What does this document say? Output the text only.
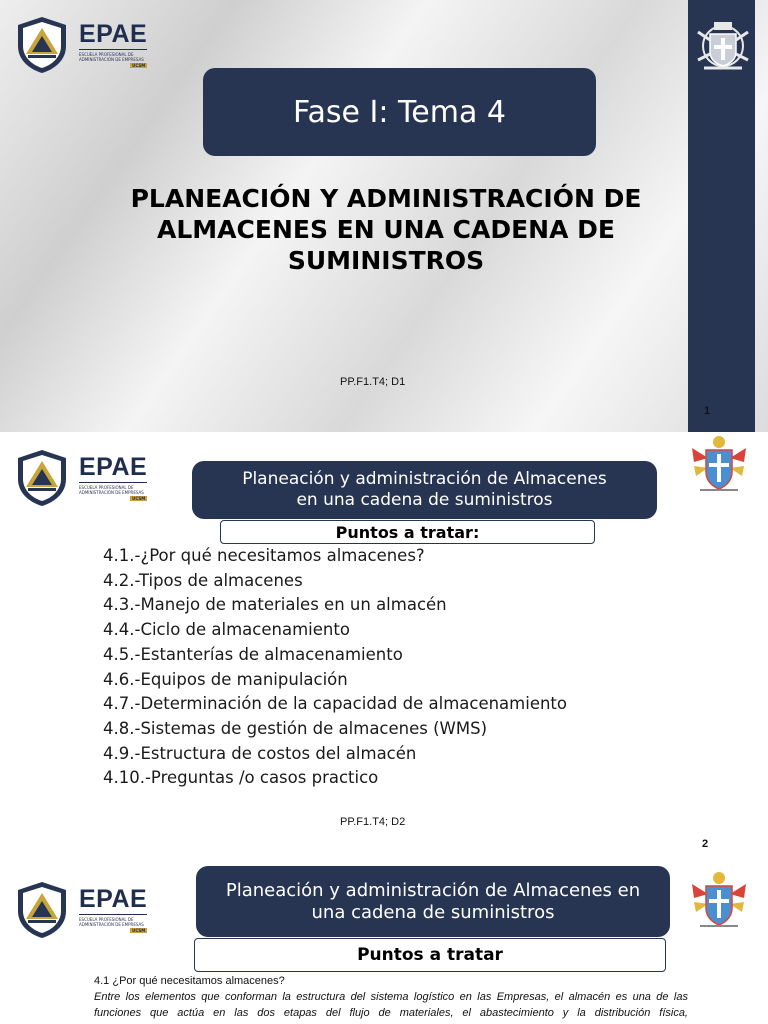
EPAE
ESCUELA PROFESIONAL DE ADMINISTRACIÓN DE EMPRESAS
UCSM
Fase I: Tema 4
PLANEACIÓN Y ADMINISTRACIÓN DE
ALMACENES EN UNA CADENA DE
SUMINISTROS
PP.F1.T4; D1
1
EPAE
ESCUELA PROFESIONAL DE ADMINISTRACIÓN DE EMPRESAS
UCSM
Planeación y administración de Almacenes
en una cadena de suministros
Puntos a tratar:
4.1.-¿Por qué necesitamos almacenes?
4.2.-Tipos de almacenes
4.3.-Manejo de materiales en un almacén
4.4.-Ciclo de almacenamiento
4.5.-Estanterías de almacenamiento
4.6.-Equipos de manipulación
4.7.-Determinación de la capacidad de almacenamiento
4.8.-Sistemas de gestión de almacenes (WMS)
4.9.-Estructura de costos del almacén
4.10.-Preguntas /o casos practico
PP.F1.T4; D2
2
EPAE
ESCUELA PROFESIONAL DE ADMINISTRACIÓN DE EMPRESAS
UCSM
Planeación y administración de Almacenes en
una cadena de suministros
Puntos a tratar
4.1 ¿Por qué necesitamos almacenes?
Entre los elementos que conforman la estructura del sistema logístico en las Empresas, el almacén es una de las
funciones que actúa en las dos etapas del flujo de materiales, el abastecimiento y la distribución física,
